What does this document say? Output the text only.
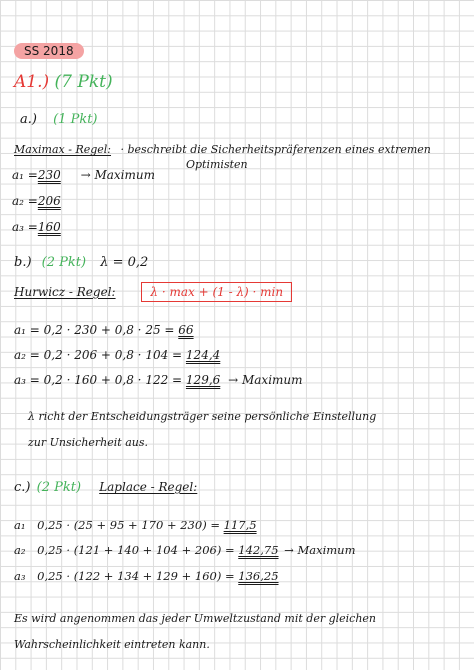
SS 2018
A1.) (7 Pkt)
a.) (1 Pkt)
Maximax - Regel: · beschreibt die Sicherheitspräferenzen eines extremen
Optimisten
a₁ =230 → Maximum
a₂ =206
a₃ =160
b.) (2 Pkt) λ = 0,2
Hurwicz - Regel:	λ · max + (1 - λ) · min
a₁ = 0,2 · 230 + 0,8 · 25 = 66
a₂ = 0,2 · 206 + 0,8 · 104 = 124,4
a₃ = 0,2 · 160 + 0,8 · 122 = 129,6 → Maximum
λ richt der Entscheidungsträger seine persönliche Einstellung
zur Unsicherheit aus.
c.) (2 Pkt) Laplace - Regel:
a₁ 0,25 · (25 + 95 + 170 + 230) = 117,5
a₂ 0,25 · (121 + 140 + 104 + 206) = 142,75 → Maximum
a₃ 0,25 · (122 + 134 + 129 + 160) = 136,25
Es wird angenommen das jeder Umweltzustand mit der gleichen
Wahrscheinlichkeit eintreten kann.
